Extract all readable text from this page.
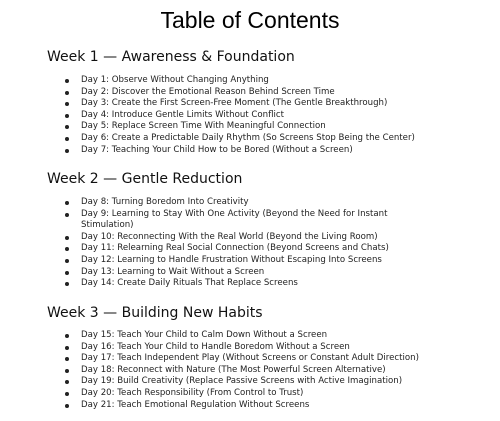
Table of Contents
Week 1 — Awareness & Foundation
Day 1: Observe Without Changing Anything
Day 2: Discover the Emotional Reason Behind Screen Time
Day 3: Create the First Screen-Free Moment (The Gentle Breakthrough)
Day 4: Introduce Gentle Limits Without Conflict
Day 5: Replace Screen Time With Meaningful Connection
Day 6: Create a Predictable Daily Rhythm (So Screens Stop Being the Center)
Day 7: Teaching Your Child How to be Bored (Without a Screen)
Week 2 — Gentle Reduction
Day 8: Turning Boredom Into Creativity
Day 9: Learning to Stay With One Activity (Beyond the Need for Instant Stimulation)
Day 10: Reconnecting With the Real World (Beyond the Living Room)
Day 11: Relearning Real Social Connection (Beyond Screens and Chats)
Day 12: Learning to Handle Frustration Without Escaping Into Screens
Day 13: Learning to Wait Without a Screen
Day 14: Create Daily Rituals That Replace Screens
Week 3 — Building New Habits
Day 15: Teach Your Child to Calm Down Without a Screen
Day 16: Teach Your Child to Handle Boredom Without a Screen
Day 17: Teach Independent Play (Without Screens or Constant Adult Direction)
Day 18: Reconnect with Nature (The Most Powerful Screen Alternative)
Day 19: Build Creativity (Replace Passive Screens with Active Imagination)
Day 20: Teach Responsibility (From Control to Trust)
Day 21: Teach Emotional Regulation Without Screens
